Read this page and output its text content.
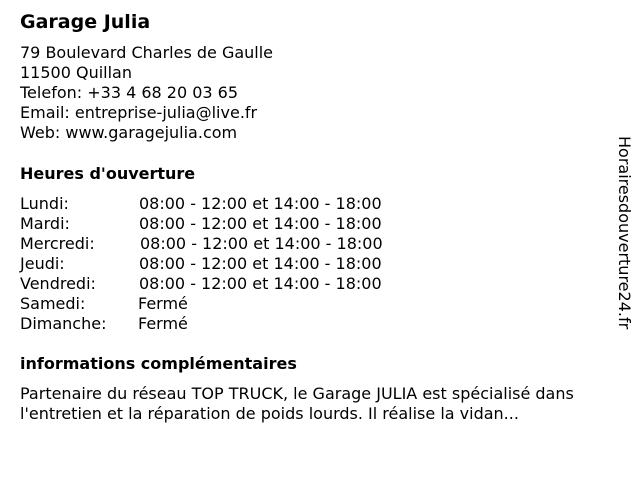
Garage Julia
79 Boulevard Charles de Gaulle
11500 Quillan
Telefon: +33 4 68 20 03 65
Email: entreprise-julia@live.fr
Web: www.garagejulia.com
Heures d'ouverture
Lundi:	08:00 - 12:00 et 14:00 - 18:00
Mardi:	08:00 - 12:00 et 14:00 - 18:00
Mercredi:	08:00 - 12:00 et 14:00 - 18:00
Jeudi:	08:00 - 12:00 et 14:00 - 18:00
Vendredi:	08:00 - 12:00 et 14:00 - 18:00
Samedi:	Fermé
Dimanche: Fermé
informations complémentaires
Partenaire du réseau TOP TRUCK, le Garage JULIA est spécialisé dans l'entretien et la réparation de poids lourds. Il réalise la vidan...
Horairesdouverture24.fr
